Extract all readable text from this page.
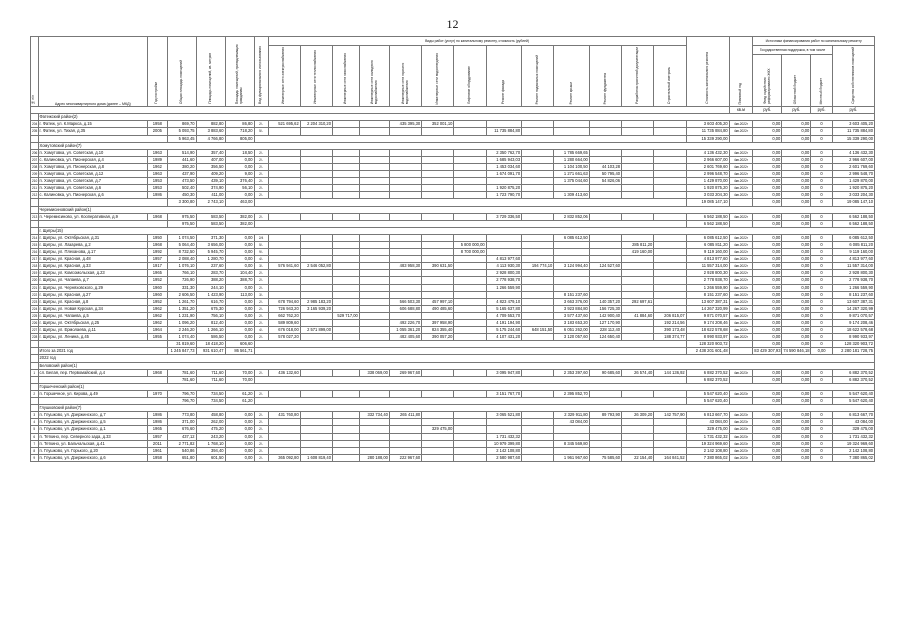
12
№ п/п	Адрес многоквартирного дома (далее – МКД)	Год постройки	Общая площадь помещений	Площадь помещений, кв. метров	Площадь помещений, принадлежащих гражданам	Вид функционального использования	Виды работ (услуг) по капитальному ремонту, стоимость (рублей)													Стоимость капитального ремонта	Плановый год	Источники финансирования работ по капитальному ремонту			
							Инженерные сети электроснабжения	Инженерные сети теплоснабжения	Инженерные сети газоснабжения	Инженерные сети холодного водоснабжения	Инженерные сети горячего водоснабжения	Инженерные сети водоотведения	Лифтовое оборудование	Ремонт фасада	Ремонт подвальных помещений	Ремонт крыши	Ремонт фундамента	Разработка проектной документации	Строительный контроль			Государственная поддержка, в том числе			Средства собственников помещений
																						Фонд содействия реформированию ЖКХ	Областной бюджет	Местный бюджет	
																					кв.м	руб.	руб.	руб.	руб.
	Фатежский район(2)																								
204	г. Фатеж, ул. К.Маркса, д.15	1958	869,70	882,80	86,80	2/-	521 695,62	2 204 310,20			435 395,30	352 001,10								3 603 405,20	4кв.2022г	0,00	0,00	0	3 603 405,20
205	г. Фатеж, ул. Тихая, д.35	2005	5 093,75	3 883,60	718,20	5/-								11 735 884,80						11 735 884,80	4кв.2022г	0,00	0,00	0	11 735 884,80
			5 963,45	4 766,80	805,00															15 339 290,00		0,00	0,00	0	15 339 290,00
	Хомутовский район(7)																								
206	п. Хомутовка, ул. Советская, д.10	1963	514,90	357,40	18,50	2/-								2 350 762,70		1 785 669,65				4 136 432,30	4кв.2022г	0,00	0,00	0	4 136 432,30
207	с. Калиновка, ул. Пионерская, д.4	1989	441,60	407,00	0,00	2/-								1 685 943,03		1 280 664,00				2 966 607,00	4кв.2022г	0,00	0,00	0	2 966 607,00
208	п. Хомутовка, ул. Пионерская, д.8	1962	380,20	356,50	0,00	2/-								1 453 034,60		1 104 100,50	44 103,28			2 601 769,60	4кв.2022г	0,00	0,00	0	2 601 769,60
209	п. Хомутовка, ул. Советская, д.12	1963	437,90	409,20	9,00	2/-								1 674 091,70		1 271 661,63	50 795,40			2 996 548,70	4кв.2022г	0,00	0,00	0	2 996 548,70
210	п. Хомутовка, ул. Советская, д.7	1953	473,50	439,10	376,40	2/-										1 375 044,60	54 826,06			1 429 870,00	4кв.2022г	0,00	0,00	0	1 429 870,00
211	п. Хомутовка, ул. Советская, д.6	1953	502,40	374,90	56,10	2/-								1 920 875,20						1 920 875,20	4кв.2022г	0,00	0,00	0	1 920 875,20
212	с. Калиновка, ул. Пионерская, д.6	1986	450,30	411,00	0,00	2/-								1 723 790,70		1 309 413,60				3 033 204,30	4кв.2022г	0,00	0,00	0	3 033 204,30
			3 300,80	2 743,10	463,00															19 085 147,10		0,00	0,00	0	19 085 147,10
	Черемисиновский район(1)																								
213	п. Черемисиново, ул. Кооперативная, д.9	1968	975,50	583,50	382,00	2/-								3 729 336,50		2 832 852,06				6 562 188,50	4кв.2022г	0,00	0,00	0	6 562 188,50
			975,50	583,50	382,00															6 562 188,50		0,00	0,00	0	6 562 188,50
	г. Щигры(15)																								
214	г. Щигры, ул. Октябрьская, д.31	1950	1 074,50	371,30	0,00	2/4										6 085 612,50				6 085 612,50	4кв.2022г	0,00	0,00	0	6 085 612,50
215	г. Щигры, ул. Лазарева, д.2	1968	5 064,40	3 656,00	0,00	5/-							5 800 000,00					285 811,20		6 085 811,20	4кв.2022г	0,00	0,00	0	6 085 811,20
216	г. Щигры, ул. Плеханова, д.17	1992	8 732,50	5 945,70	0,00	9/-							8 700 000,00					419 160,00		9 119 160,00	4кв.2022г	0,00	0,00	0	9 119 160,00
217	г. Щигры, ул. Красная, д.48	1957	2 088,40	1 280,70	0,00	4/-								4 813 977,60						4 813 977,60	4кв.2022г	0,00	0,00	0	4 813 977,60
218	г. Щигры, ул. Красная, д.33	1917	1 076,10	237,60	0,00	3/-	576 941,60	2 546 052,80			483 958,30	390 631,50		4 113 930,30	194 774,10	3 124 994,40	124 527,60			11 557 314,00	4кв.2022г	0,00	0,00	0	11 557 314,00
219	г. Щигры, ул. Комсомольская, д.23	1965	766,10	283,70	104,40	2/-								2 928 800,30						2 928 800,30	4кв.2022г	0,00	0,00	0	2 928 800,30
220	г. Щигры, ул. Чапаева, д.7	1952	726,90	388,20	388,70	2/-								2 778 938,70						2 778 938,70	4кв.2022г	0,00	0,00	0	2 778 938,70
221	г. Щигры, ул. Черняховского, д.29	1960	331,30	244,10	0,00	2/-								1 266 559,90						1 266 559,90	4кв.2022г	0,00	0,00	0	1 266 559,90
222	г. Щигры, ул. Красная, д.27	1960	2 606,50	1 423,90	113,00	3/-										8 151 237,60				8 151 237,60	4кв.2022г	0,00	0,00	0	8 151 237,60
223	г. Щигры, ул. Красная, д.8	1952	1 261,70	616,70	0,00	2/-	678 794,60	2 985 183,20			566 503,30	457 997,10		4 823 479,10		3 663 376,00	140 357,20	292 697,61		13 607 387,31	4кв.2022г	0,00	0,00	0	13 607 387,31
224	г. Щигры, ул. Новая Курская, д.34	1962	1 351,20	675,30	0,00	2/-	726 943,20	3 165 939,20			606 688,80	490 485,60		5 165 637,80		3 923 884,80	156 725,30			14 267 320,99	4кв.2022г	0,00	0,00	0	14 267 320,99
225	г. Щигры, ул. Чапаева, д.5	1962	1 231,90	756,10	0,00	2/-	662 762,20		529 717,00					4 709 553,70		3 577 437,60	142 900,40	41 884,60	206 815,07	9 871 070,57	4кв.2022г	0,00	0,00	0	9 871 070,57
226	г. Щигры, ул. Октябрьская, д.25	1962	1 096,20	812,40	0,00	2/-	589 809,60				492 226,70	397 958,90		4 191 194,90		3 183 653,20	127 170,90		192 214,56	9 174 208,46	4кв.2022г	0,00	0,00	0	9 174 208,46
227	г. Щигры, ул. Ермолаева, д.11	1964	2 246,20	1 266,10	0,00	4/-	676 018,00	2 571 899,00			1 055 361,20	824 355,40		5 175 244,60	648 151,50	6 051 262,00	228 112,40		390 173,48	18 622 578,68	4кв.2022г	0,00	0,00	0	18 622 578,68
228	г. Щигры, ул. Ленина, д.45	1955	1 074,40	586,50	0,00	2/-	578 027,20				482 405,60	390 057,20		4 107 431,20		3 120 057,60	124 650,40		188 374,77	8 990 933,97	4кв.2022г	0,00	0,00	0	8 990 933,97
			31 819,60	18 418,20	606,60															128 320 903,72		0,00	0,00	0	128 320 903,72
	Итого за 2021 год		1 245 847,73	931 610,47	86 561,71															2 438 201 601,48		83 429 307,93	74 590 846,18	0,00	2 280 181 728,75
	2022 год																								
	Беловский район(1)																								
1	сл. Белая, пер. Первомайский, д.4	1968	781,60	711,60	70,00	2/-	436 132,60			338 069,00	269 967,60			3 095 947,80		2 353 397,60	90 685,60	26 574,40	144 136,92	6 882 370,52	4кв.2023г	0,00	0,00	0	6 882 370,52
			781,60	711,60	70,00															6 882 370,52		0,00	0,00	0	6 882 370,52
	Горшеченский район(1)																								
2	п. Горшечное, ул. Кирова, д.49	1970	796,70	734,50	61,20	2/-								3 151 767,70		2 395 852,70				5 547 620,40	4кв.2023г	0,00	0,00	0	5 547 620,40
			796,70	734,50	61,20															5 547 620,40		0,00	0,00	0	5 547 620,40
	Глушковский район(7)																								
3	п. Глушково, ул. Дзержинского, д.7	1986	773,80	458,80	0,00	2/-	431 760,80			332 734,40	265 411,80			3 065 521,80		2 329 911,80	89 793,90	26 309,20	142 757,90	6 813 667,70	4кв.2023г	0,00	0,00	0	6 813 667,70
4	п. Глушково, ул. Дзержинского, д.5	1986	371,00	262,00	0,00	2/-										43 084,00				43 084,00	4кв.2023г	0,00	0,00	0	43 084,00
5	п. Глушково, ул. Дзержинского, д.1	1965	676,60	475,20	0,00	2/-						329 475,00								329 475,00	4кв.2023г	0,00	0,00	0	329 475,00
6	п. Теткино, пер. Северного зада, д.33	1957	437,12	243,20	0,00	2/-								1 731 432,32						1 731 432,32	4кв.2023г	0,00	0,00	0	1 731 432,32
7	п. Теткино, ул. Бальчальская, д.41	2011	2 771,82	1 768,10	0,00	2/-								10 979 399,80		8 345 569,80				19 324 969,60	4кв.2023г	0,00	0,00	0	19 324 969,60
8	п. Глушково, ул. Горького, д.20	1961	540,86	394,40	0,00	2/-								2 142 108,80						2 142 108,80	4кв.2023г	0,00	0,00	0	2 142 108,80
9	п. Глушково, ул. Дзержинского, д.6	1958	651,80	601,50	0,00	2/-	365 092,80	1 608 819,40		280 188,00	222 967,60			2 580 987,60		1 961 967,60	75 585,60	22 154,40	164 841,52	7 380 865,02	4кв.2023г	0,00	0,00	0	7 380 865,02
